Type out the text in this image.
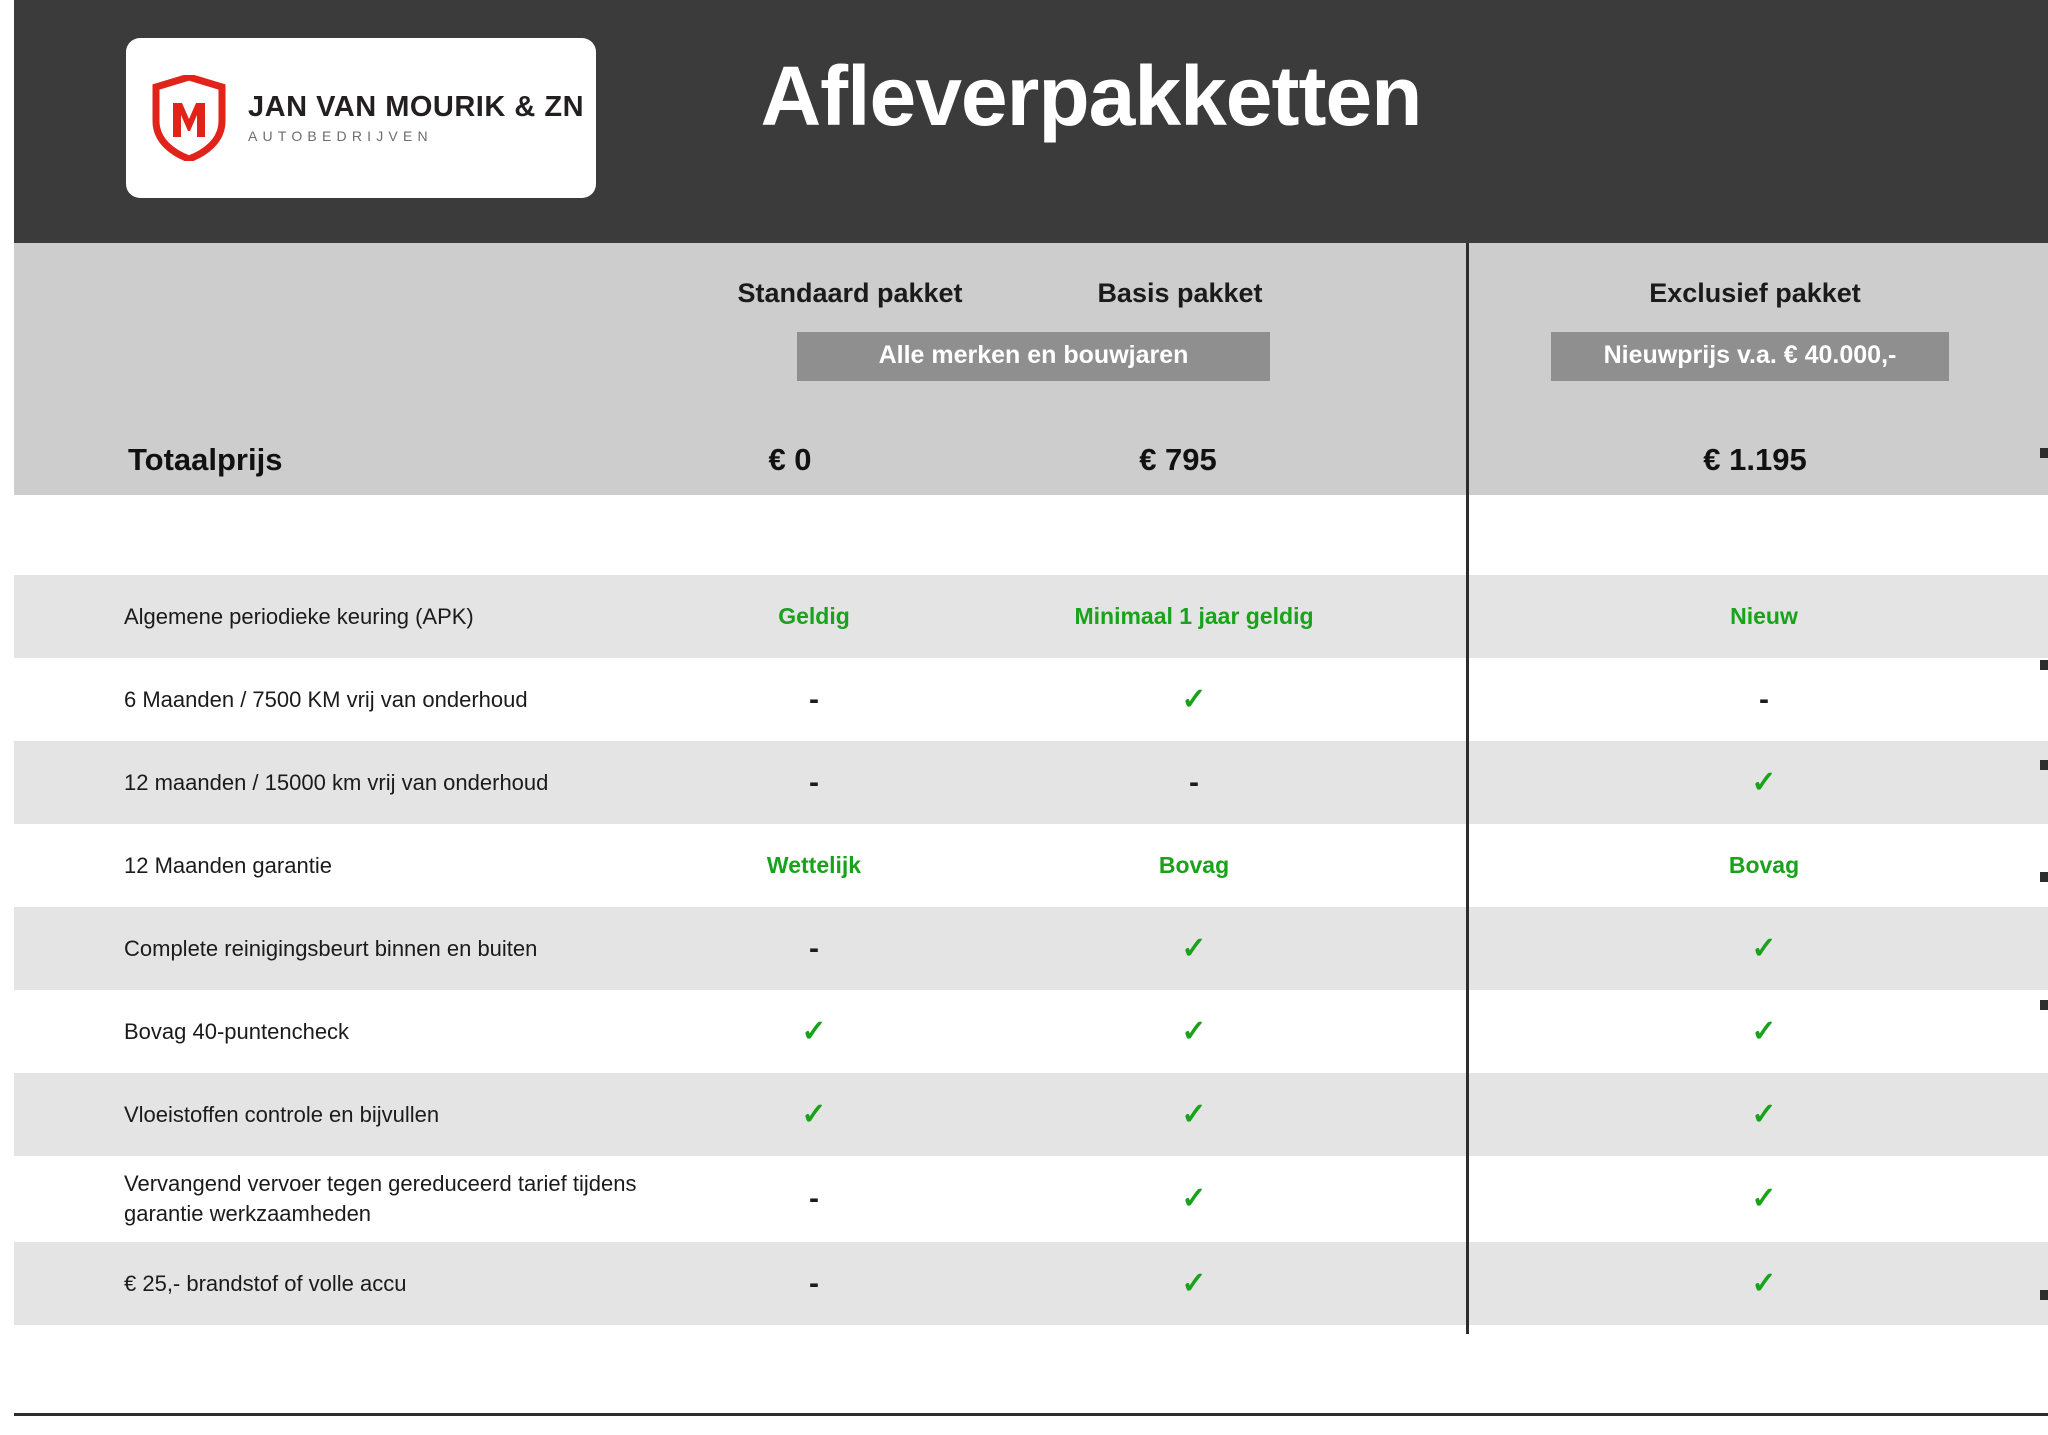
JAN VAN MOURIK & ZN
AUTOBEDRIJVEN	Afleverpakketten
Standaard pakket	Basis pakket	Exclusief pakket
Alle merken en bouwjaren	Nieuwprijs v.a. € 40.000,-
Totaalprijs	€ 0	€ 795	€ 1.195
Algemene periodieke keuring (APK)	Geldig	Minimaal 1 jaar geldig	Nieuw
6 Maanden / 7500 KM vrij van onderhoud	-	✓	-
12 maanden / 15000 km vrij van onderhoud	-	-	✓
12 Maanden garantie	Wettelijk	Bovag	Bovag
Complete reinigingsbeurt binnen en buiten	-	✓	✓
Bovag 40-puntencheck	✓	✓	✓
Vloeistoffen controle en bijvullen	✓	✓	✓
Vervangend vervoer tegen gereduceerd tarief tijdens garantie werkzaamheden	-	✓	✓
€ 25,- brandstof of volle accu	-	✓	✓
